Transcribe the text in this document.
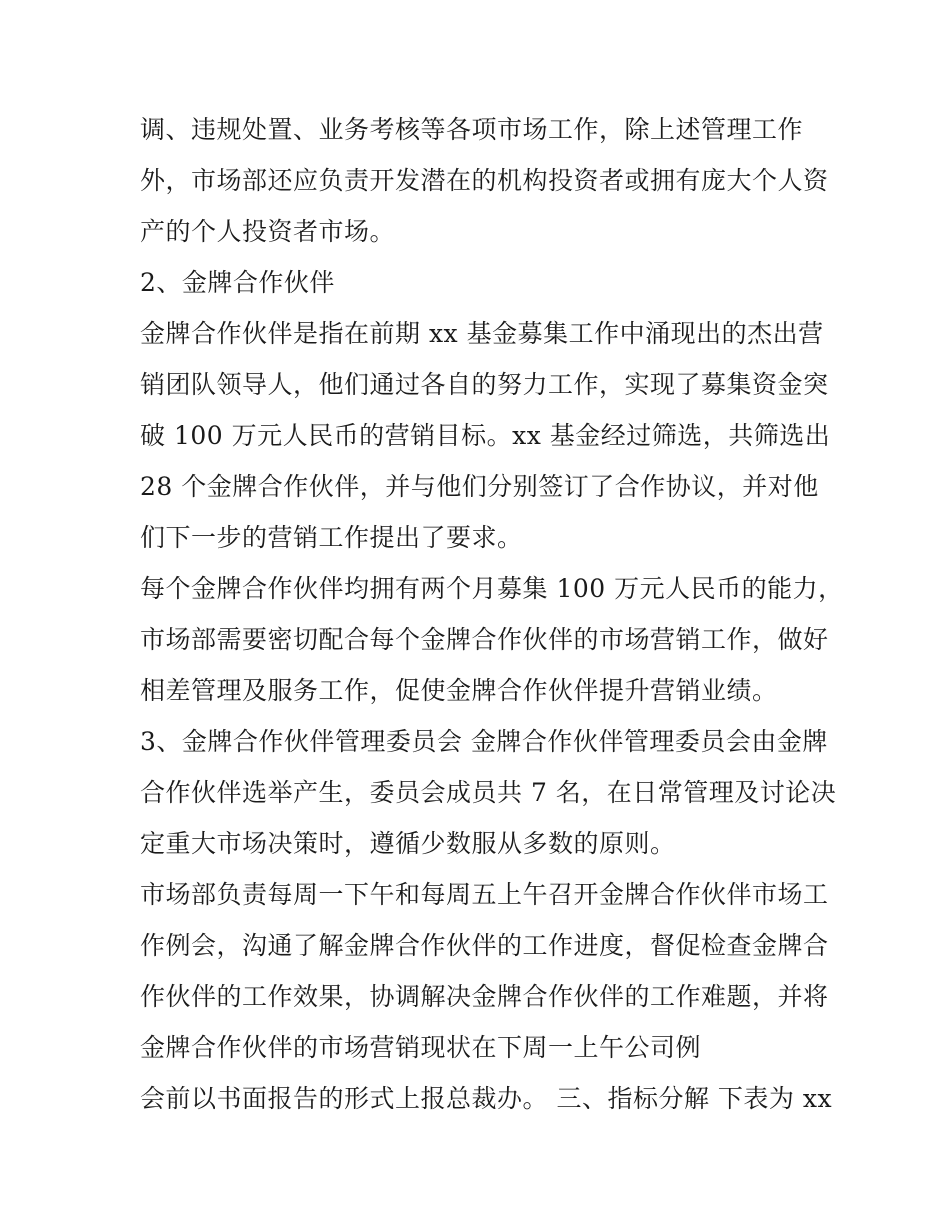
调、违规处置、业务考核等各项市场工作，除上述管理工作
外，市场部还应负责开发潜在的机构投资者或拥有庞大个人资
产的个人投资者市场。
2、金牌合作伙伴
金牌合作伙伴是指在前期 xx 基金募集工作中涌现出的杰出营
销团队领导人，他们通过各自的努力工作，实现了募集资金突
破 100 万元人民币的营销目标。xx 基金经过筛选，共筛选出
28 个金牌合作伙伴，并与他们分别签订了合作协议，并对他
们下一步的营销工作提出了要求。
每个金牌合作伙伴均拥有两个月募集 100 万元人民币的能力，
市场部需要密切配合每个金牌合作伙伴的市场营销工作，做好
相差管理及服务工作，促使金牌合作伙伴提升营销业绩。
3、金牌合作伙伴管理委员会 金牌合作伙伴管理委员会由金牌
合作伙伴选举产生，委员会成员共 7 名，在日常管理及讨论决
定重大市场决策时，遵循少数服从多数的原则。
市场部负责每周一下午和每周五上午召开金牌合作伙伴市场工
作例会，沟通了解金牌合作伙伴的工作进度，督促检查金牌合
作伙伴的工作效果，协调解决金牌合作伙伴的工作难题，并将
金牌合作伙伴的市场营销现状在下周一上午公司例
会前以书面报告的形式上报总裁办。 三、指标分解 下表为 xx
